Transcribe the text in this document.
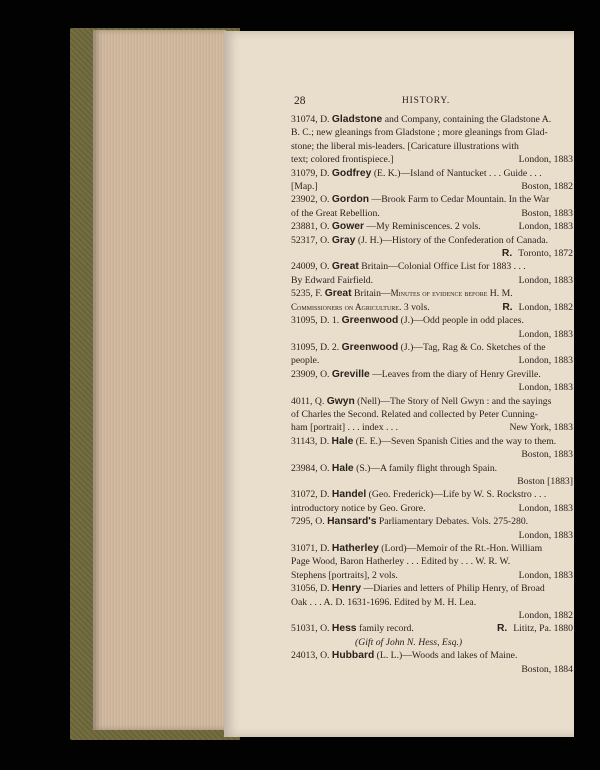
28	HISTORY.
31074, D. Gladstone and Company, containing the Gladstone A.
B. C.; new gleanings from Gladstone ; more gleanings from Glad-
stone; the liberal mis-leaders. [Caricature illustrations with
text; colored frontispiece.]	London, 1883
31079, D. Godfrey (E. K.)—Island of Nantucket . . . Guide . . .
[Map.]	Boston, 1882
23902, O. Gordon —Brook Farm to Cedar Mountain. In the War
of the Great Rebellion.	Boston, 1883
23881, O. Gower —My Reminiscences. 2 vols.	London, 1883
52317, O. Gray (J. H.)—History of the Confederation of Canada.
R. Toronto, 1872
24009, O. Great Britain—Colonial Office List for 1883 . . .
By Edward Fairfield.	London, 1883
5235, F. Great Britain—Minutes of evidence before H. M.
Commissioners on Agriculture. 3 vols.	R. London, 1882
31095, D. 1. Greenwood (J.)—Odd people in odd places.
London, 1883
31095, D. 2. Greenwood (J.)—Tag, Rag & Co. Sketches of the
people.	London, 1883
23909, O. Greville —Leaves from the diary of Henry Greville.
London, 1883
4011, Q. Gwyn (Nell)—The Story of Nell Gwyn : and the sayings
of Charles the Second. Related and collected by Peter Cunning-
ham [portrait] . . . index . . .	New York, 1883
31143, D. Hale (E. E.)—Seven Spanish Cities and the way to them.
Boston, 1883
23984, O. Hale (S.)—A family flight through Spain.
Boston [1883]
31072, D. Handel (Geo. Frederick)—Life by W. S. Rockstro . . .
introductory notice by Geo. Grore.	London, 1883
7295, O. Hansard's Parliamentary Debates. Vols. 275-280.
London, 1883
31071, D. Hatherley (Lord)—Memoir of the Rt.-Hon. William
Page Wood, Baron Hatherley . . . Edited by . . . W. R. W.
Stephens [portraits], 2 vols.	London, 1883
31056, D. Henry —Diaries and letters of Philip Henry, of Broad
Oak . . . A. D. 1631-1696. Edited by M. H. Lea.
London, 1882
51031, O. Hess family record.	R. Lititz, Pa. 1880
(Gift of John N. Hess, Esq.)
24013, O. Hubbard (L. L.)—Woods and lakes of Maine.
Boston, 1884
